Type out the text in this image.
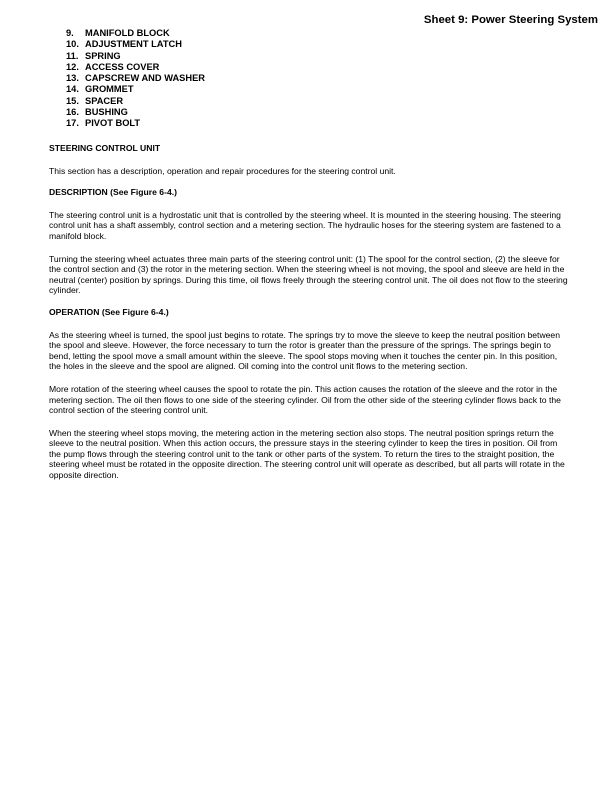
Sheet 9: Power Steering System
9.	MANIFOLD BLOCK
10. ADJUSTMENT LATCH
11. SPRING
12. ACCESS COVER
13. CAPSCREW AND WASHER
14. GROMMET
15. SPACER
16. BUSHING
17. PIVOT BOLT
STEERING CONTROL UNIT

This section has a description, operation and repair procedures for the steering control unit.

DESCRIPTION (See Figure 6-4.)

The steering control unit is a hydrostatic unit that is controlled by the steering wheel. It is mounted in the steering housing. The steering control unit has a shaft assembly, control section and a metering section. The hydraulic hoses for the steering system are fastened to a manifold block.

Turning the steering wheel actuates three main parts of the steering control unit: (1) The spool for the control section, (2) the sleeve for the control section and (3) the rotor in the metering section. When the steering wheel is not moving, the spool and sleeve are held in the neutral (center) position by springs. During this time, oil flows freely through the steering control unit. The oil does not flow to the steering cylinder.

OPERATION (See Figure 6-4.)

As the steering wheel is turned, the spool just begins to rotate. The springs try to move the sleeve to keep the neutral position between the spool and sleeve. However, the force necessary to turn the rotor is greater than the pressure of the springs. The springs begin to bend, letting the spool move a small amount within the sleeve. The spool stops moving when it touches the center pin. In this position, the holes in the sleeve and the spool are aligned. Oil coming into the control unit flows to the metering section.

More rotation of the steering wheel causes the spool to rotate the pin. This action causes the rotation of the sleeve and the rotor in the metering section. The oil then flows to one side of the steering cylinder. Oil from the other side of the steering cylinder flows back to the control section of the steering control unit.

When the steering wheel stops moving, the metering action in the metering section also stops. The neutral position springs return the sleeve to the neutral position. When this action occurs, the pressure stays in the steering cylinder to keep the tires in position. Oil from the pump flows through the steering control unit to the tank or other parts of the system. To return the tires to the straight position, the steering wheel must be rotated in the opposite direction. The steering control unit will operate as described, but all parts will rotate in the opposite direction.
